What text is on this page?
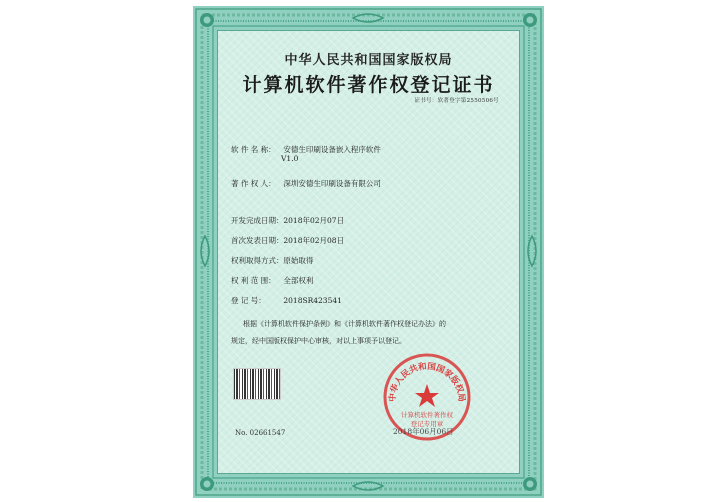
中华人民共和国国家版权局
计算机软件著作权登记证书
证书号：软著登字第2550506号
软 件 名 称： 安德生印刷设备嵌入程序软件
V1.0
著 作 权 人： 深圳安德生印刷设备有限公司
开发完成日期： 2018年02月07日
首次发表日期： 2018年02月08日
权利取得方式： 原始取得
权 利 范 围： 全部权利
登 记 号： 2018SR423541
根据《计算机软件保护条例》和《计算机软件著作权登记办法》的
规定，经中国版权保护中心审核，对以上事项予以登记。
No. 02661547
中华人民共和国国家版权局
计算机软件著作权
登记专用章
2018年06月06日
